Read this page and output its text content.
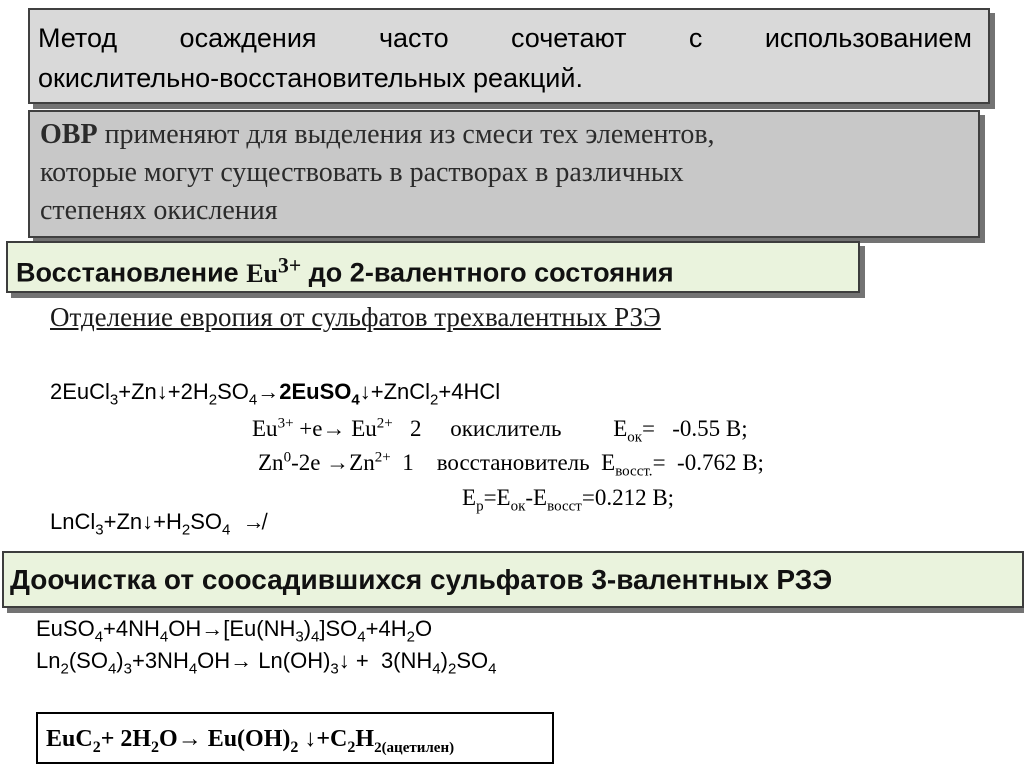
Метод осаждения часто сочетают с использованием

окислительно-восстановительных реакций.

ОВР применяют для выделения из смеси тех элементов,

которые могут существовать в растворах в различных

степенях окисления

Восстановление $Eu^{3+}$ до 2-валентного состояния
Отделение европия от сульфатов трехвалентных РЗЭ
$2EuCl_3+Zn↓+2H_2SO_4\to 2EuSO_4↓+ZnCl_2+4HCl$
$Eu^{3+} +e\to Eu^{2+}$   2     окислитель         $Е_{ок}= -0.55$ В;
$Zn^0-2e \to Zn^{2+}$  1    восстановитель  $Е_{восст.}= -0.762$ В;
$Е_р=Е_{ок}-Е_{восст}=0.212$ В;
$LnCl_3+Zn↓+H_2SO_4$  ↛
Доочистка от соосадившихся сульфатов 3-валентных РЗЭ
$EuSO_4+4NH_4OH\to[Eu(NH_3)_4]SO_4+4H_2O$
$Ln_2(SO_4)_3+3NH_4OH\to$ $Ln(OH)_3↓ + 3(NH_4)_2SO_4$
$EuC_2+ 2H_2O\to Eu(OH)_2$ $↓+C_2H_{2(ацетилен)}$
